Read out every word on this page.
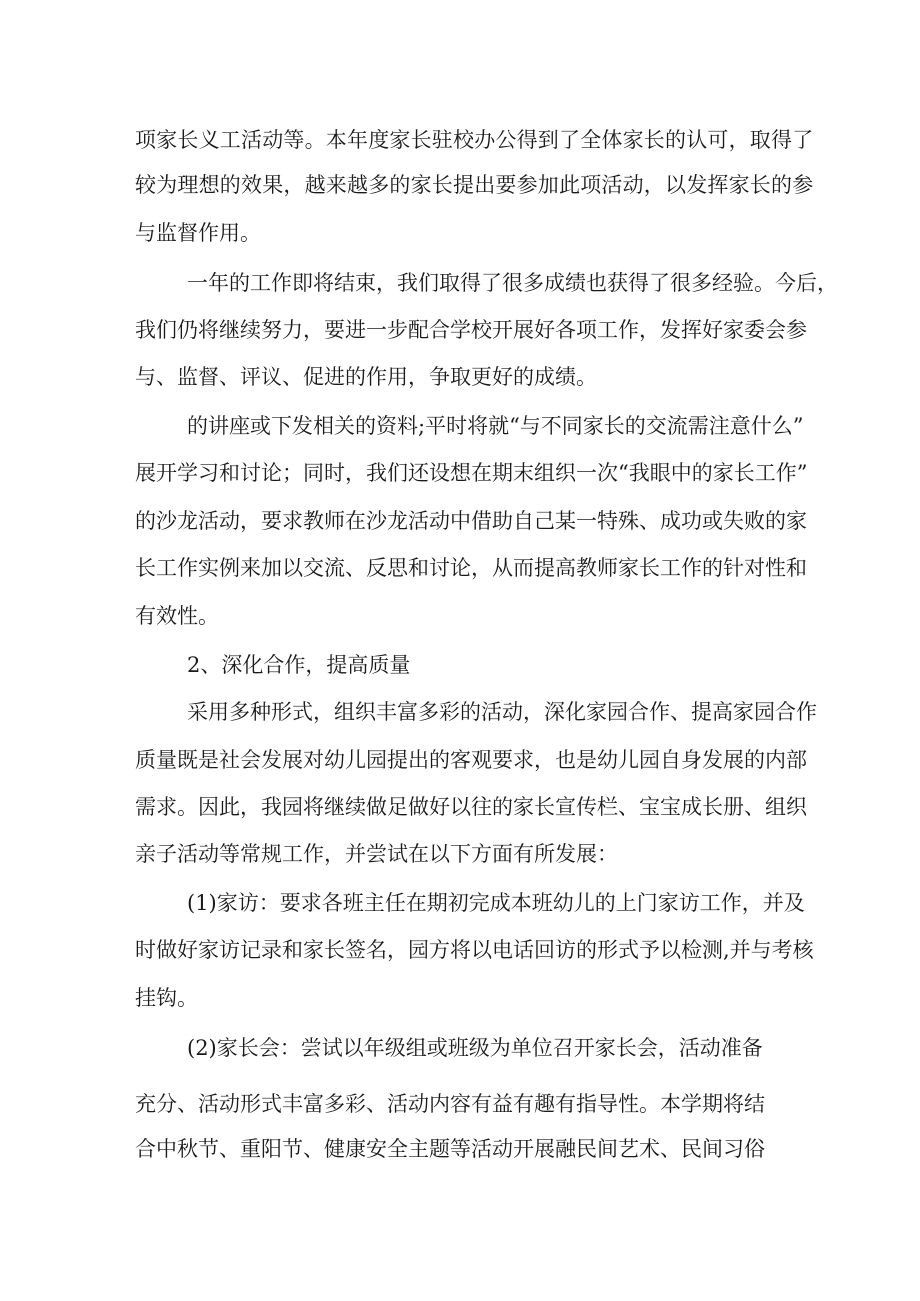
项家长义工活动等。本年度家长驻校办公得到了全体家长的认可，取得了

较为理想的效果，越来越多的家长提出要参加此项活动，以发挥家长的参

与监督作用。

一年的工作即将结束，我们取得了很多成绩也获得了很多经验。今后，

我们仍将继续努力，要进一步配合学校开展好各项工作，发挥好家委会参

与、监督、评议、促进的作用，争取更好的成绩。

的讲座或下发相关的资料;平时将就“与不同家长的交流需注意什么”

展开学习和讨论；同时，我们还设想在期末组织一次“我眼中的家长工作”

的沙龙活动，要求教师在沙龙活动中借助自己某一特殊、成功或失败的家

长工作实例来加以交流、反思和讨论，从而提高教师家长工作的针对性和

有效性。

2、深化合作，提高质量

采用多种形式，组织丰富多彩的活动，深化家园合作、提高家园合作

质量既是社会发展对幼儿园提出的客观要求，也是幼儿园自身发展的内部

需求。因此，我园将继续做足做好以往的家长宣传栏、宝宝成长册、组织

亲子活动等常规工作，并尝试在以下方面有所发展：

(1)家访：要求各班主任在期初完成本班幼儿的上门家访工作，并及

时做好家访记录和家长签名，园方将以电话回访的形式予以检测,并与考核

挂钩。

(2)家长会：尝试以年级组或班级为单位召开家长会，活动准备

充分、活动形式丰富多彩、活动内容有益有趣有指导性。本学期将结

合中秋节、重阳节、健康安全主题等活动开展融民间艺术、民间习俗
